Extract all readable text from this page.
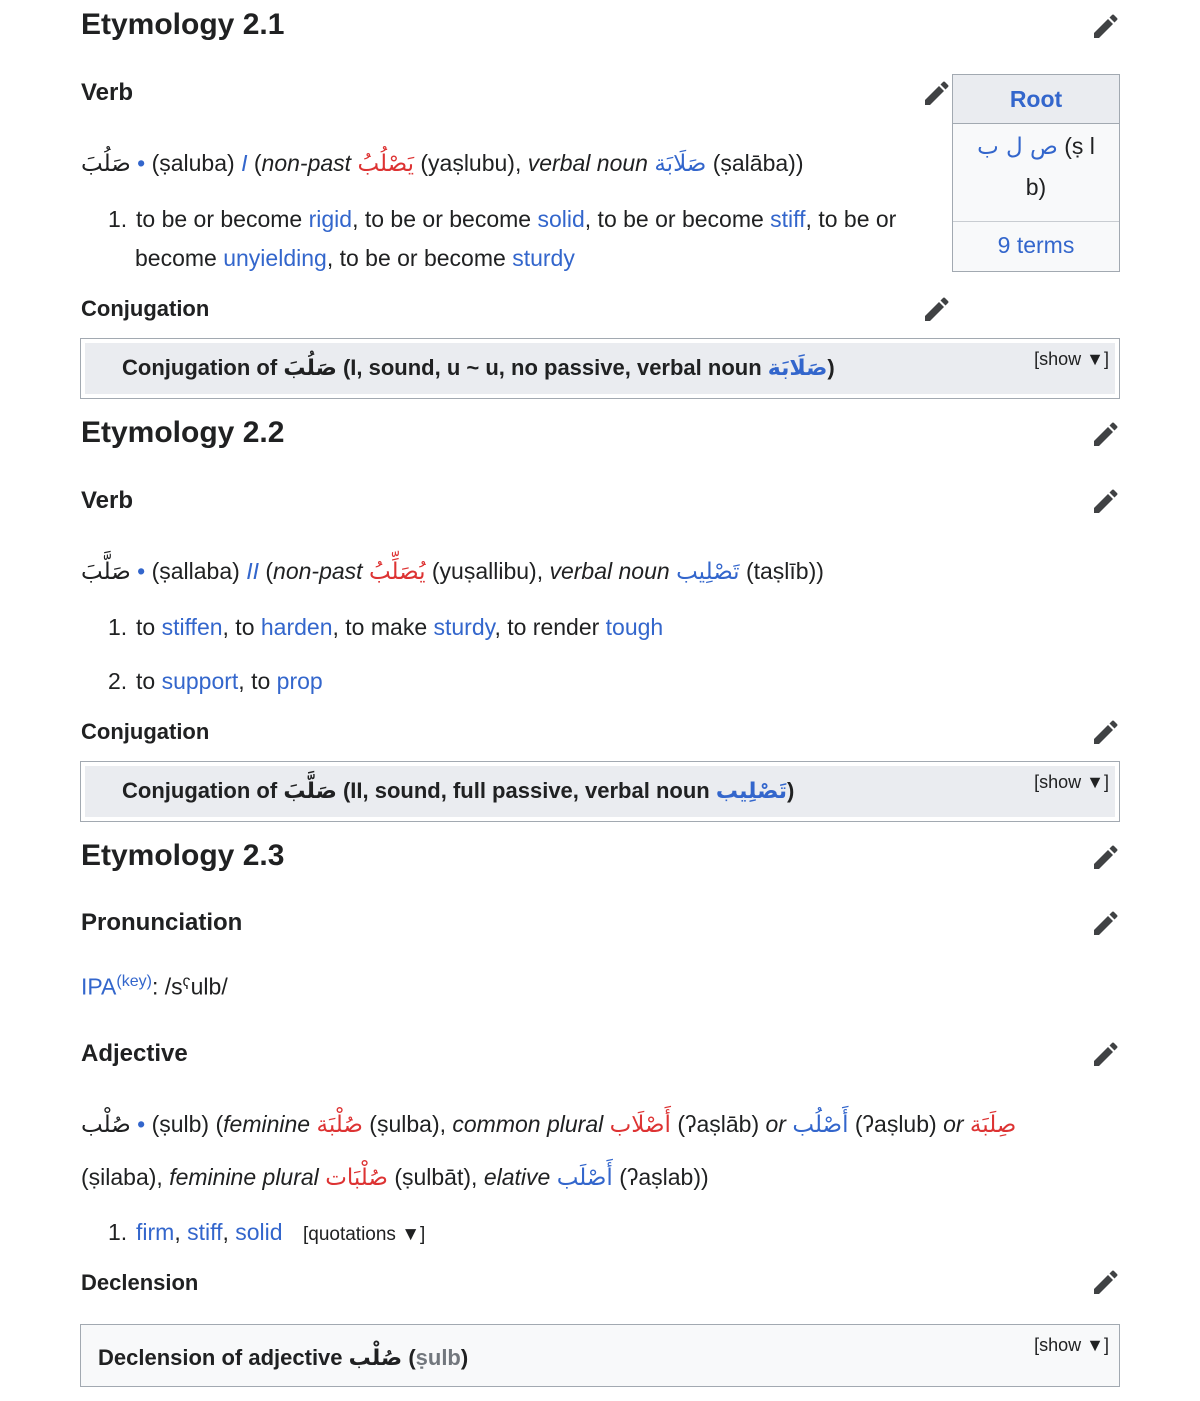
Etymology 2.1
Verb	Root
ص ل ب (ṣ l
b)
9 terms
صَلُبَ • (ṣaluba) I (non-past يَصْلُبُ (yaṣlubu), verbal noun صَلَابَة (ṣalāba))
1. to be or become rigid, to be or become solid, to be or become stiff, to be or
become unyielding, to be or become sturdy
Conjugation
Conjugation of صَلُبَ (I, sound, u ~ u, no passive, verbal noun صَلَابَة)	[show ▼]
Etymology 2.2
Verb
صَلَّبَ • (ṣallaba) II (non-past يُصَلِّبُ (yuṣallibu), verbal noun تَصْلِيب (taṣlīb))
1. to stiffen, to harden, to make sturdy, to render tough
2. to support, to prop
Conjugation
Conjugation of صَلَّبَ (II, sound, full passive, verbal noun تَصْلِيب)	[show ▼]
Etymology 2.3
Pronunciation
$IPA^{(key)}$: /sˤulb/
Adjective
صُلْب • (ṣulb) (feminine صُلْبَة (ṣulba), common plural أَصْلَاب (ʔaṣlāb) or أَصْلُب (ʔaṣlub) or صِلَبَة
(ṣilaba), feminine plural صُلْبَات (ṣulbāt), elative أَصْلَب (ʔaṣlab))
1. firm, stiff, solid [quotations ▼]
Declension
Declension of adjective صُلْب (ṣulb)	[show ▼]
